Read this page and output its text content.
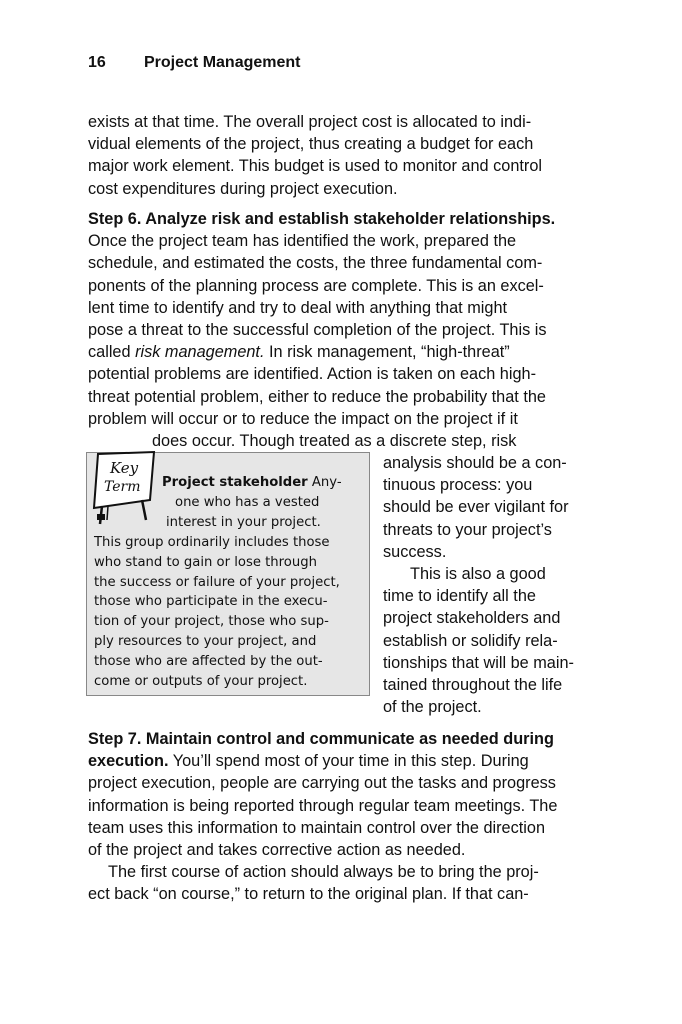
16 Project Management

exists at that time. The overall project cost is allocated to indi-

vidual elements of the project, thus creating a budget for each

major work element. This budget is used to monitor and control

cost expenditures during project execution.

Step 6. Analyze risk and establish stakeholder relationships.

Once the project team has identified the work, prepared the

schedule, and estimated the costs, the three fundamental com-

ponents of the planning process are complete. This is an excel-

lent time to identify and try to deal with anything that might

pose a threat to the successful completion of the project. This is

called risk management. In risk management, “high-threat”

potential problems are identified. Action is taken on each high-

threat potential problem, either to reduce the probability that the

problem will occur or to reduce the impact on the project if it

does occur. Though treated as a discrete step, risk

analysis should be a con-

tinuous process: you

should be ever vigilant for

threats to your project’s

success.

This is also a good

time to identify all the

project stakeholders and

establish or solidify rela-

tionships that will be main-

tained throughout the life

of the project.

Key
Term Project stakeholder Any-
one who has a vested
interest in your project.
This group ordinarily includes those
who stand to gain or lose through
the success or failure of your project,
those who participate in the execu-
tion of your project, those who sup-
ply resources to your project, and
those who are affected by the out-
come or outputs of your project.

Step 7. Maintain control and communicate as needed during

execution. You’ll spend most of your time in this step. During

project execution, people are carrying out the tasks and progress

information is being reported through regular team meetings. The

team uses this information to maintain control over the direction

of the project and takes corrective action as needed.

The first course of action should always be to bring the proj-

ect back “on course,” to return to the original plan. If that can-
